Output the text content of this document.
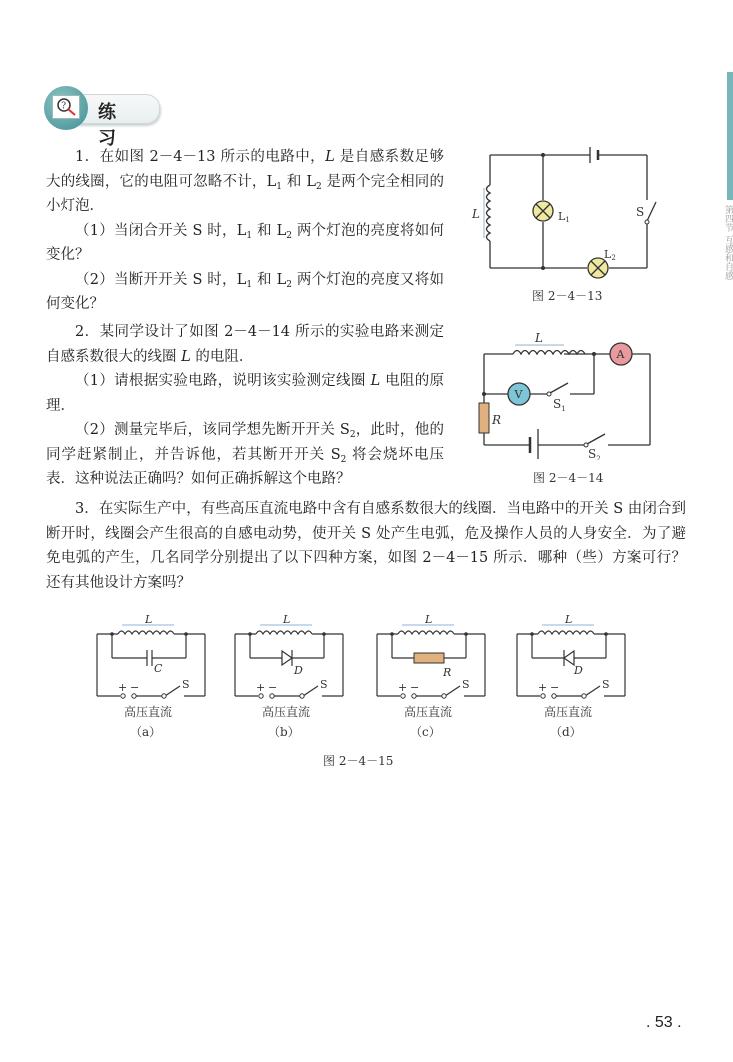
? 练 习
第四节 互感和自感

1．在如图 2－4－13 所示的电路中，L 是自感系数足够大的线圈，它的电阻可忽略不计，$L_1$ 和 $L_2$ 是两个完全相同的小灯泡．

（1）当闭合开关 S 时，$L_1$ 和 $L_2$ 两个灯泡的亮度将如何变化？

（2）当断开开关 S 时，$L_1$ 和 $L_2$ 两个灯泡的亮度又将如何变化？

L	L1
L2
S
图 2－4－13

2．某同学设计了如图 2－4－14 所示的实验电路来测定自感系数很大的线圈 L 的电阻．

（1）请根据实验电路，说明该实验测定线圈 L 电阻的原理．

（2）测量完毕后，该同学想先断开开关 $S_2$，此时，他的同学赶紧制止，并告诉他，若其断开开关 $S_2$ 将会烧坏电压表．这种说法正确吗？如何正确拆解这个电路？

A
V
L
$S_1$
R
$S_2$
图 2－4－14

3．在实际生产中，有些高压直流电路中含有自感系数很大的线圈．当电路中的开关 S 由闭合到断开时，线圈会产生很高的自感电动势，使开关 S 处产生电弧，危及操作人员的人身安全．为了避免电弧的产生，几名同学分别提出了以下四种方案，如图 2－4－15 所示．哪种（些）方案可行？还有其他设计方案吗？

L
C
+ −	S
高压直流
（a）
L
D
+ −	S
高压直流
（b）
L
R
+ −	S
高压直流
（c）
L
D
+ −	S
高压直流
（d）
图 2－4－15
. 53 .
